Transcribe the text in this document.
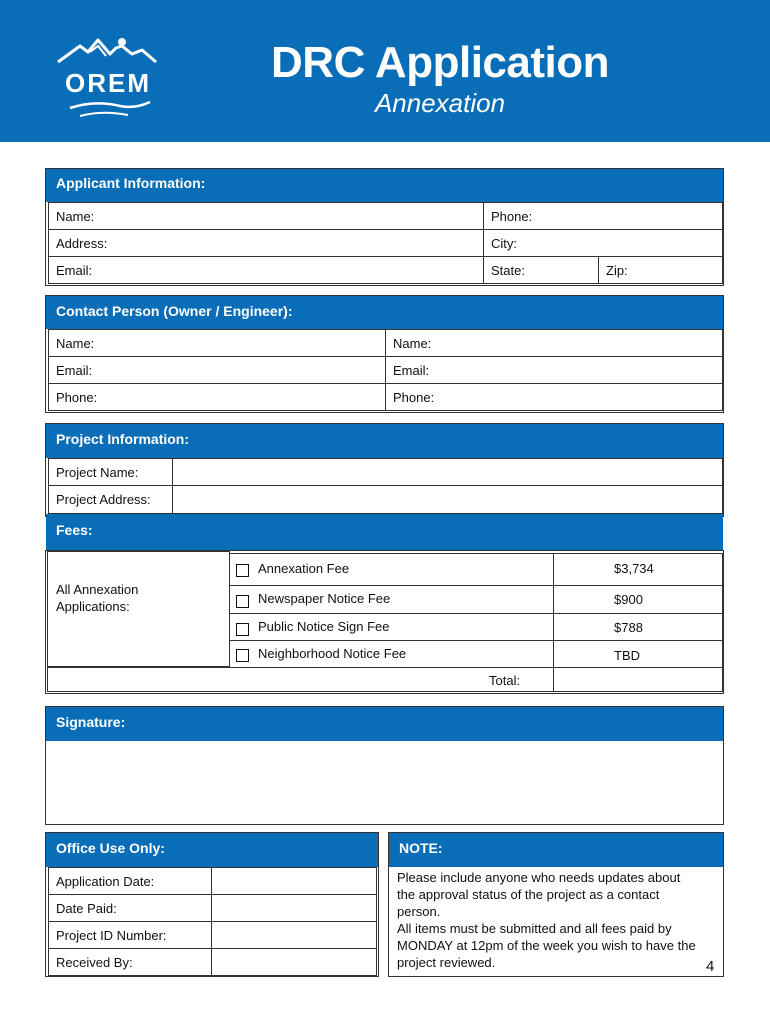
OREM	DRC Application
Annexation
Applicant Information:
Name:	Phone:
Address:	City:
Email:	State:	Zip:
Contact Person (Owner / Engineer):
Name:	Name:
Email:	Email:
Phone:	Phone:
Project Information:
Project Name:
Project Address:
Fees:
All Annexation Applications:
Annexation Fee	$3,734
Newspaper Notice Fee	$900
Public Notice Sign Fee	$788
Neighborhood Notice Fee	TBD
Total:
Signature:
Office Use Only:
Application Date:
Date Paid:
Project ID Number:
Received By:
NOTE:
Please include anyone who needs updates about
the approval status of the project as a contact
person.
All items must be submitted and all fees paid by
MONDAY at 12pm of the week you wish to have the
project reviewed.	4
